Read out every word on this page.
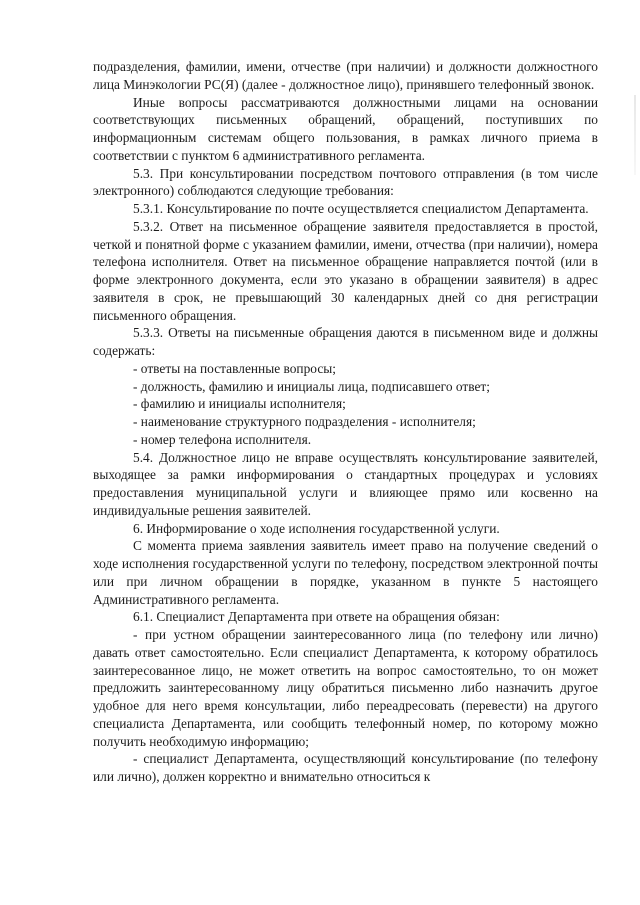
подразделения, фамилии, имени, отчестве (при наличии) и должности должностного лица Минэкологии РС(Я) (далее - должностное лицо), принявшего телефонный звонок.

Иные вопросы рассматриваются должностными лицами на основании соответствующих письменных обращений, обращений, поступивших по информационным системам общего пользования, в рамках личного приема в соответствии с пунктом 6 административного регламента.

5.3. При консультировании посредством почтового отправления (в том числе электронного) соблюдаются следующие требования:

5.3.1. Консультирование по почте осуществляется специалистом Департамента.

5.3.2. Ответ на письменное обращение заявителя предоставляется в простой, четкой и понятной форме с указанием фамилии, имени, отчества (при наличии), номера телефона исполнителя. Ответ на письменное обращение направляется почтой (или в форме электронного документа, если это указано в обращении заявителя) в адрес заявителя в срок, не превышающий 30 календарных дней со дня регистрации письменного обращения.

5.3.3. Ответы на письменные обращения даются в письменном виде и должны содержать:

- ответы на поставленные вопросы;

- должность, фамилию и инициалы лица, подписавшего ответ;

- фамилию и инициалы исполнителя;

- наименование структурного подразделения - исполнителя;

- номер телефона исполнителя.

5.4. Должностное лицо не вправе осуществлять консультирование заявителей, выходящее за рамки информирования о стандартных процедурах и условиях предоставления муниципальной услуги и влияющее прямо или косвенно на индивидуальные решения заявителей.

6. Информирование о ходе исполнения государственной услуги.

С момента приема заявления заявитель имеет право на получение сведений о ходе исполнения государственной услуги по телефону, посредством электронной почты или при личном обращении в порядке, указанном в пункте 5 настоящего Административного регламента.

6.1. Специалист Департамента при ответе на обращения обязан:

- при устном обращении заинтересованного лица (по телефону или лично) давать ответ самостоятельно. Если специалист Департамента, к которому обратилось заинтересованное лицо, не может ответить на вопрос самостоятельно, то он может предложить заинтересованному лицу обратиться письменно либо назначить другое удобное для него время консультации, либо переадресовать (перевести) на другого специалиста Департамента, или сообщить телефонный номер, по которому можно получить необходимую информацию;

- специалист Департамента, осуществляющий консультирование (по телефону или лично), должен корректно и внимательно относиться к
